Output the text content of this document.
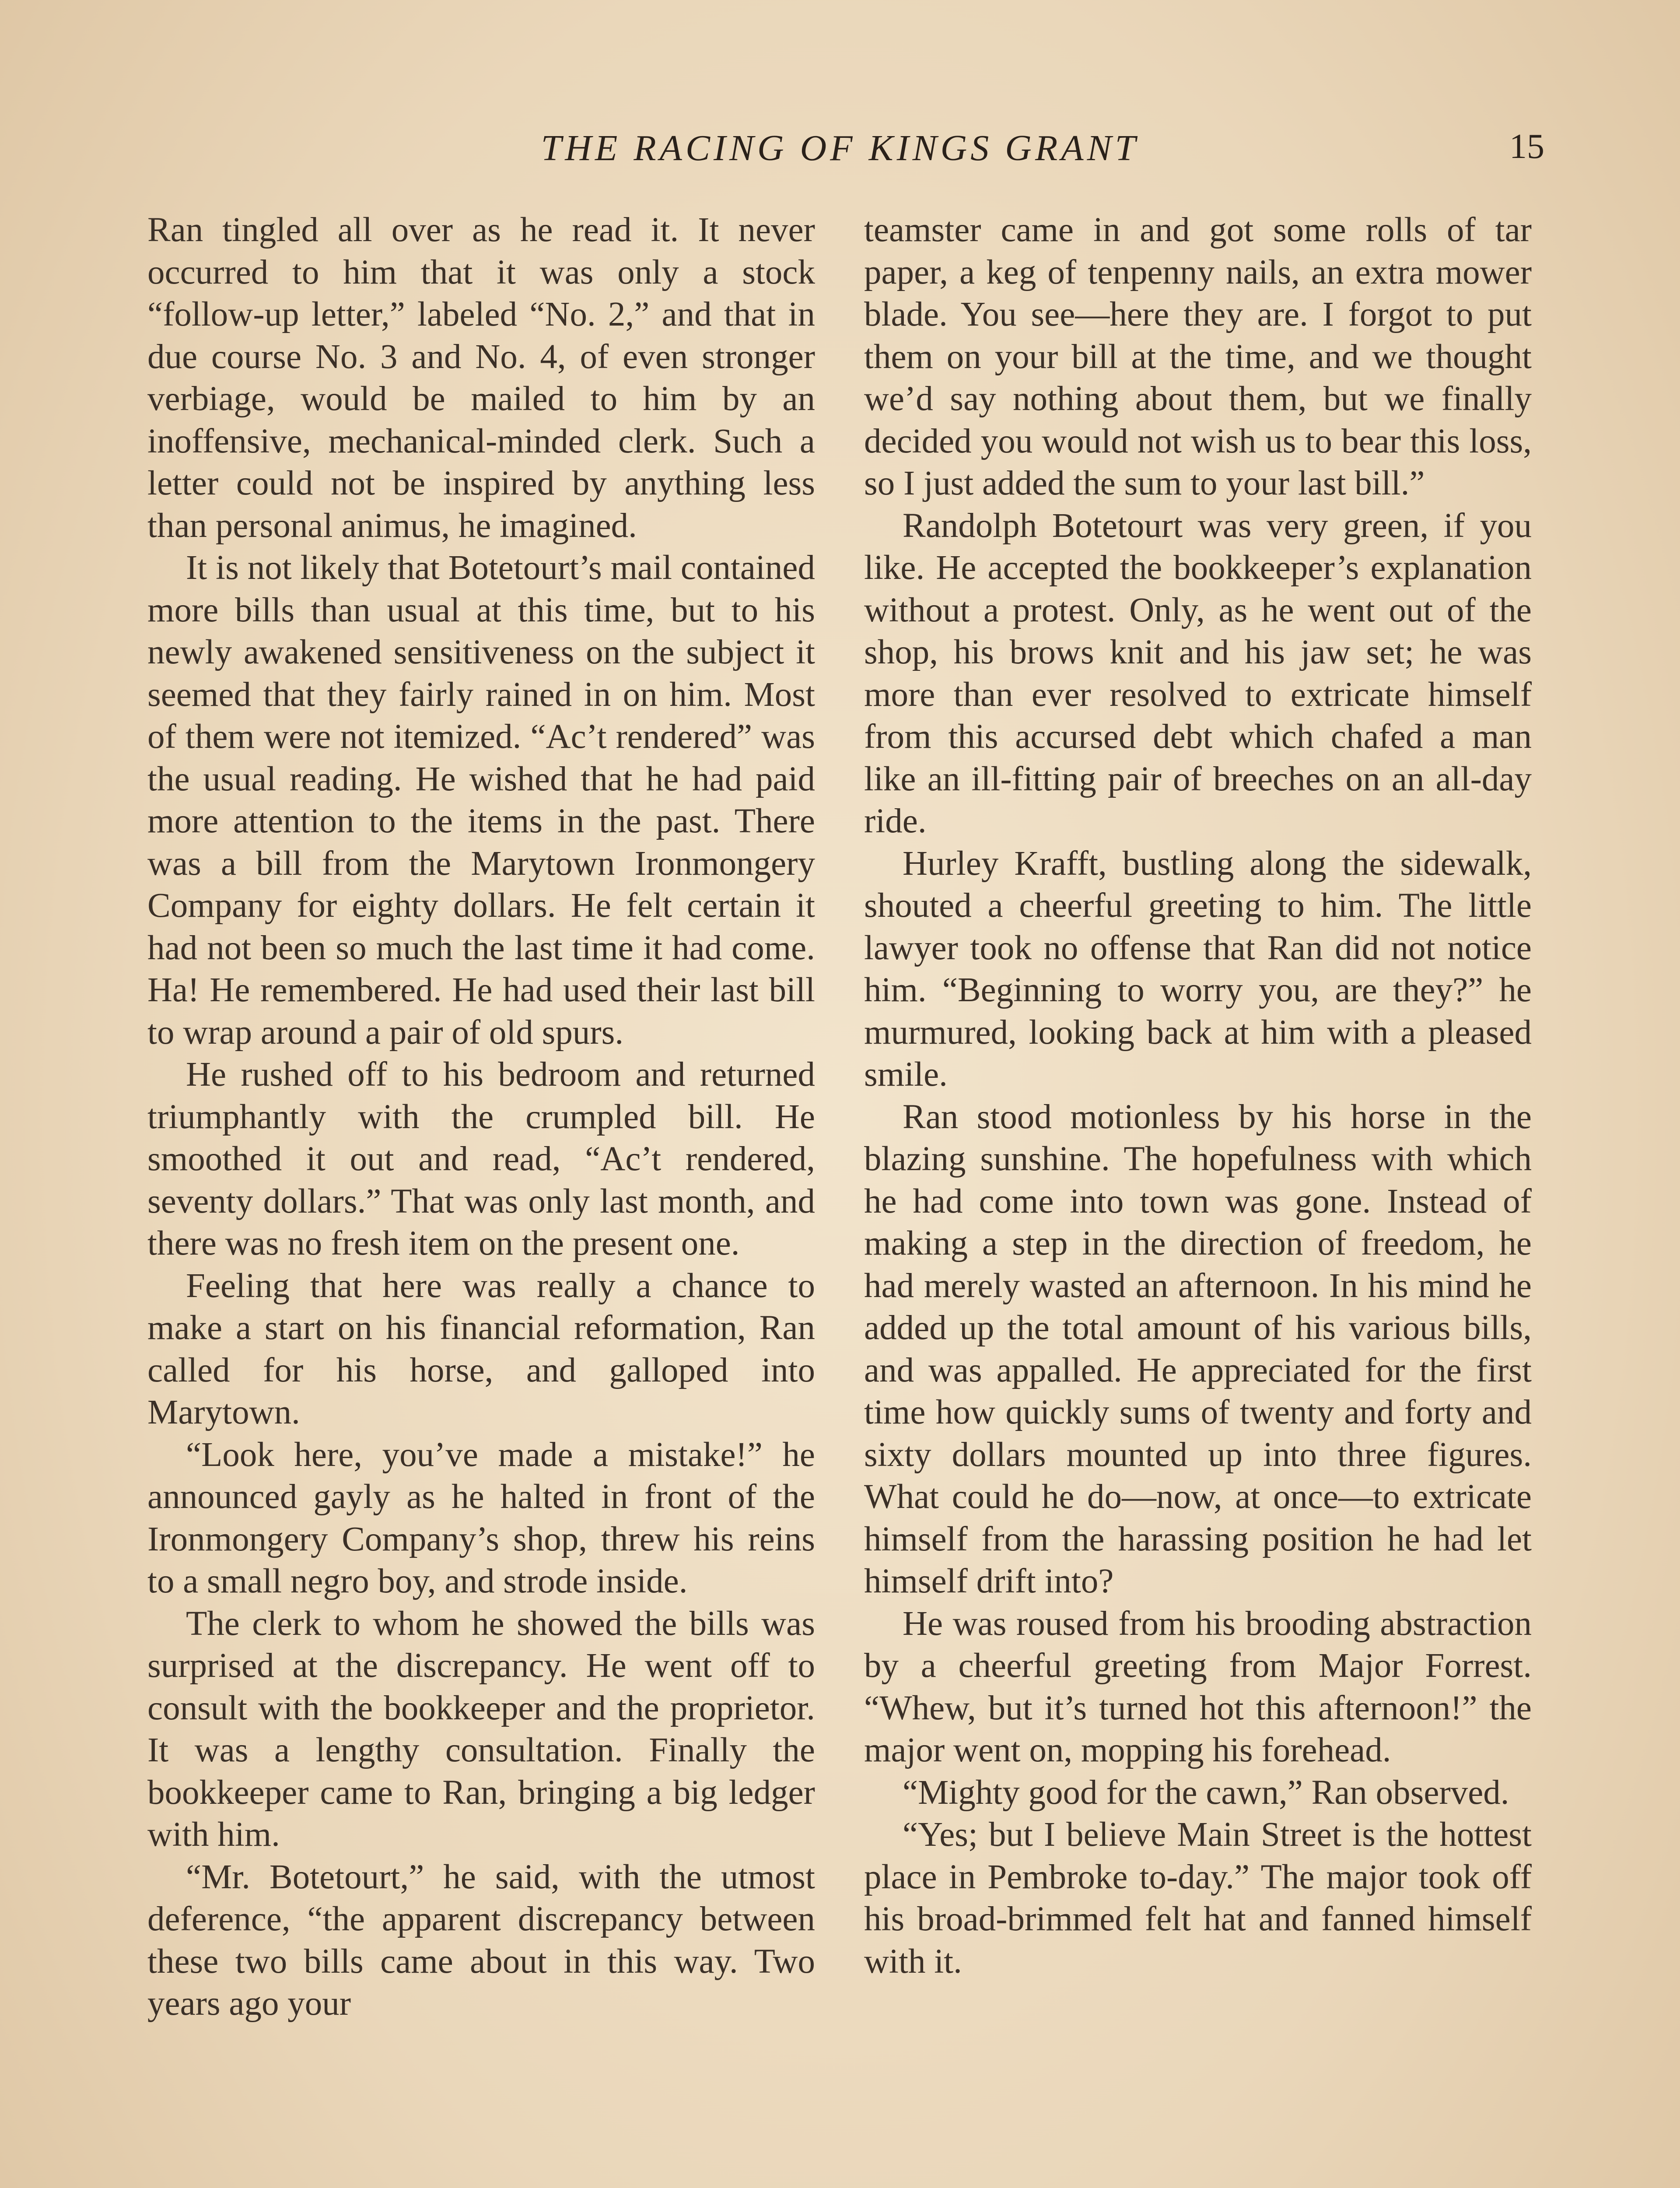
THE RACING OF KINGS GRANT	15

Ran tingled all over as he read it. It never occurred to him that it was only a stock “follow-up letter,” labeled “No. 2,” and that in due course No. 3 and No. 4, of even stronger verbiage, would be mailed to him by an inoffensive, mechanical-minded clerk. Such a letter could not be inspired by anything less than personal animus, he imagined.

It is not likely that Botetourt’s mail contained more bills than usual at this time, but to his newly awakened sensitiveness on the subject it seemed that they fairly rained in on him. Most of them were not itemized. “Ac’t rendered” was the usual reading. He wished that he had paid more attention to the items in the past. There was a bill from the Marytown Ironmongery Company for eighty dollars. He felt certain it had not been so much the last time it had come. Ha! He remembered. He had used their last bill to wrap around a pair of old spurs.

He rushed off to his bedroom and returned triumphantly with the crumpled bill. He smoothed it out and read, “Ac’t rendered, seventy dollars.” That was only last month, and there was no fresh item on the present one.

Feeling that here was really a chance to make a start on his financial reformation, Ran called for his horse, and galloped into Marytown.

“Look here, you’ve made a mistake!” he announced gayly as he halted in front of the Ironmongery Company’s shop, threw his reins to a small negro boy, and strode inside.

The clerk to whom he showed the bills was surprised at the discrepancy. He went off to consult with the bookkeeper and the proprietor. It was a lengthy consultation. Finally the bookkeeper came to Ran, bringing a big ledger with him.

“Mr. Botetourt,” he said, with the utmost deference, “the apparent discrepancy between these two bills came about in this way. Two years ago your

teamster came in and got some rolls of tar paper, a keg of tenpenny nails, an extra mower blade. You see—here they are. I forgot to put them on your bill at the time, and we thought we’d say nothing about them, but we finally decided you would not wish us to bear this loss, so I just added the sum to your last bill.”

Randolph Botetourt was very green, if you like. He accepted the bookkeeper’s explanation without a protest. Only, as he went out of the shop, his brows knit and his jaw set; he was more than ever resolved to extricate himself from this accursed debt which chafed a man like an ill-fitting pair of breeches on an all-day ride.

Hurley Krafft, bustling along the sidewalk, shouted a cheerful greeting to him. The little lawyer took no offense that Ran did not notice him. “Beginning to worry you, are they?” he murmured, looking back at him with a pleased smile.

Ran stood motionless by his horse in the blazing sunshine. The hopefulness with which he had come into town was gone. Instead of making a step in the direction of freedom, he had merely wasted an afternoon. In his mind he added up the total amount of his various bills, and was appalled. He appreciated for the first time how quickly sums of twenty and forty and sixty dollars mounted up into three figures. What could he do—now, at once—to extricate himself from the harassing position he had let himself drift into?

He was roused from his brooding abstraction by a cheerful greeting from Major Forrest. “Whew, but it’s turned hot this afternoon!” the major went on, mopping his forehead.

“Mighty good for the cawn,” Ran observed.

“Yes; but I believe Main Street is the hottest place in Pembroke to-day.” The major took off his broad-brimmed felt hat and fanned himself with it.
